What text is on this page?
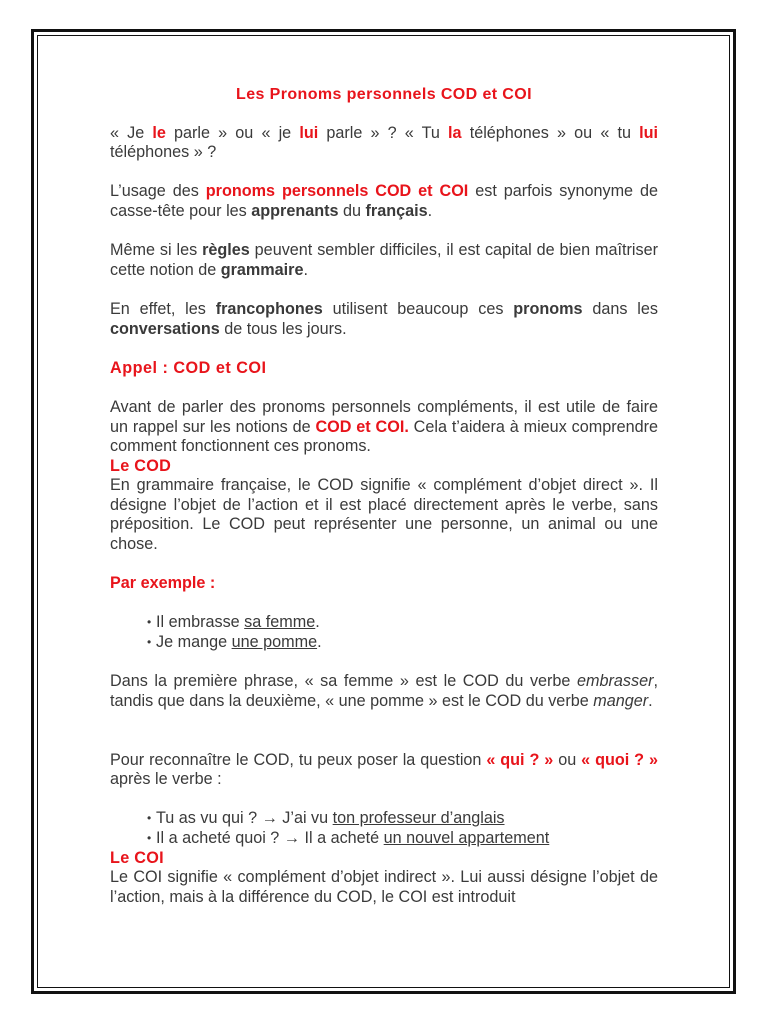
Les Pronoms personnels COD et COI

« Je le parle » ou « je lui parle » ? « Tu la téléphones » ou « tu lui téléphones » ?

L’usage des pronoms personnels COD et COI est parfois synonyme de casse-tête pour les apprenants du français.

Même si les règles peuvent sembler difficiles, il est capital de bien maîtriser cette notion de grammaire.

En effet, les francophones utilisent beaucoup ces pronoms dans les conversations de tous les jours.

Appel : COD et COI

Avant de parler des pronoms personnels compléments, il est utile de faire un rappel sur les notions de COD et COI. Cela t’aidera à mieux comprendre comment fonctionnent ces pronoms.

Le COD

En grammaire française, le COD signifie « complément d’objet direct ». Il désigne l’objet de l’action et il est placé directement après le verbe, sans préposition. Le COD peut représenter une personne, un animal ou une chose.

Par exemple :

• Il embrasse sa femme.
• Je mange une pomme.

Dans la première phrase, « sa femme » est le COD du verbe embrasser, tandis que dans la deuxième, « une pomme » est le COD du verbe manger.

Pour reconnaître le COD, tu peux poser la question « qui ? » ou « quoi ? » après le verbe :

• Tu as vu qui ? → J’ai vu ton professeur d’anglais
• Il a acheté quoi ? → Il a acheté un nouvel appartement
Le COI

Le COI signifie « complément d’objet indirect ». Lui aussi désigne l’objet de l’action, mais à la différence du COD, le COI est introduit
